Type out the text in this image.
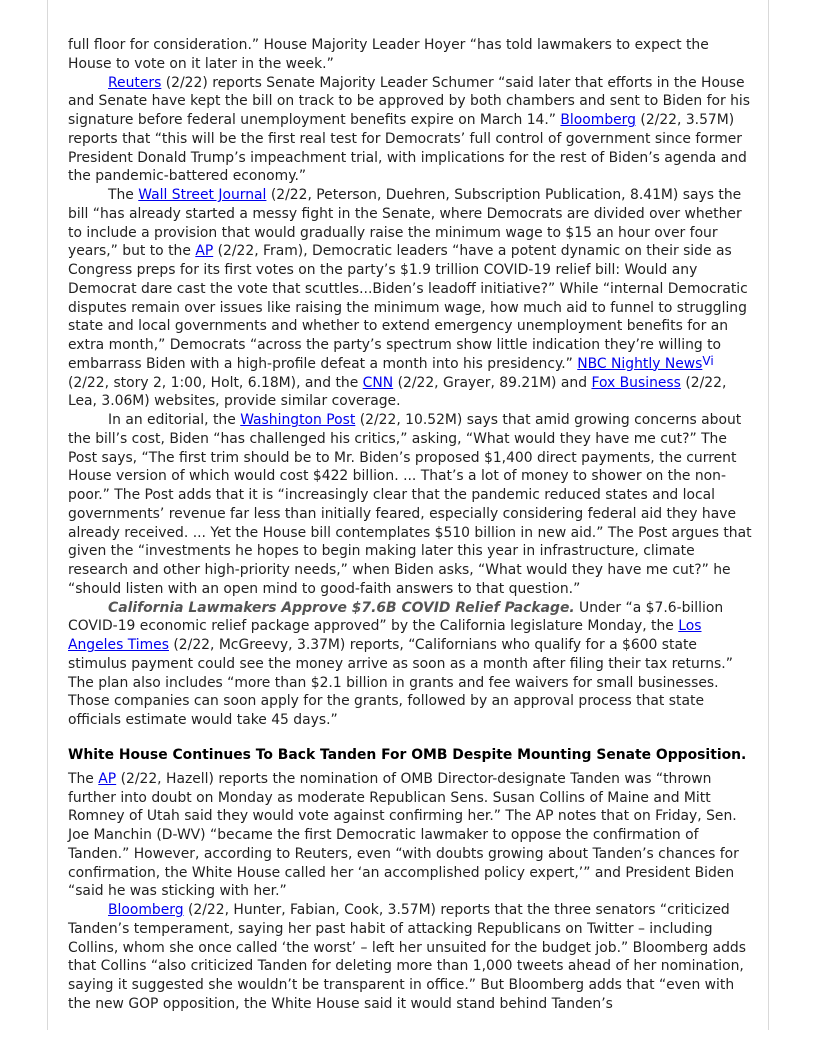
full floor for consideration.” House Majority Leader Hoyer “has told lawmakers to expect the House to vote on it later in the week.”

Reuters (2/22) reports Senate Majority Leader Schumer “said later that efforts in the House and Senate have kept the bill on track to be approved by both chambers and sent to Biden for his signature before federal unemployment benefits expire on March 14.” Bloomberg (2/22, 3.57M) reports that “this will be the first real test for Democrats’ full control of government since former President Donald Trump’s impeachment trial, with implications for the rest of Biden’s agenda and the pandemic-battered economy.”

The Wall Street Journal (2/22, Peterson, Duehren, Subscription Publication, 8.41M) says the bill “has already started a messy fight in the Senate, where Democrats are divided over whether to include a provision that would gradually raise the minimum wage to $15 an hour over four years,” but to the AP (2/22, Fram), Democratic leaders “have a potent dynamic on their side as Congress preps for its first votes on the party’s $1.9 trillion COVID-19 relief bill: Would any Democrat dare cast the vote that scuttles...Biden’s leadoff initiative?” While “internal Democratic disputes remain over issues like raising the minimum wage, how much aid to funnel to struggling state and local governments and whether to extend emergency unemployment benefits for an extra month,” Democrats “across the party’s spectrum show little indication they’re willing to embarrass Biden with a high-profile defeat a month into his presidency.” NBC Nightly News$^{Vi}$ (2/22, story 2, 1:00, Holt, 6.18M), and the CNN (2/22, Grayer, 89.21M) and Fox Business (2/22, Lea, 3.06M) websites, provide similar coverage.

In an editorial, the Washington Post (2/22, 10.52M) says that amid growing concerns about the bill’s cost, Biden “has challenged his critics,” asking, “What would they have me cut?” The Post says, “The first trim should be to Mr. Biden’s proposed $1,400 direct payments, the current House version of which would cost $422 billion. ... That’s a lot of money to shower on the non-poor.” The Post adds that it is “increasingly clear that the pandemic reduced states and local governments’ revenue far less than initially feared, especially considering federal aid they have already received. ... Yet the House bill contemplates $510 billion in new aid.” The Post argues that given the “investments he hopes to begin making later this year in infrastructure, climate research and other high-priority needs,” when Biden asks, “What would they have me cut?” he “should listen with an open mind to good-faith answers to that question.”

California Lawmakers Approve $7.6B COVID Relief Package. Under “a $7.6-billion COVID-19 economic relief package approved” by the California legislature Monday, the Los Angeles Times (2/22, McGreevy, 3.37M) reports, “Californians who qualify for a $600 state stimulus payment could see the money arrive as soon as a month after filing their tax returns.” The plan also includes “more than $2.1 billion in grants and fee waivers for small businesses. Those companies can soon apply for the grants, followed by an approval process that state officials estimate would take 45 days.”

White House Continues To Back Tanden For OMB Despite Mounting Senate Opposition.

The AP (2/22, Hazell) reports the nomination of OMB Director-designate Tanden was “thrown further into doubt on Monday as moderate Republican Sens. Susan Collins of Maine and Mitt Romney of Utah said they would vote against confirming her.” The AP notes that on Friday, Sen. Joe Manchin (D-WV) “became the first Democratic lawmaker to oppose the confirmation of Tanden.” However, according to Reuters, even “with doubts growing about Tanden’s chances for confirmation, the White House called her ‘an accomplished policy expert,’” and President Biden “said he was sticking with her.”

Bloomberg (2/22, Hunter, Fabian, Cook, 3.57M) reports that the three senators “criticized Tanden’s temperament, saying her past habit of attacking Republicans on Twitter – including Collins, whom she once called ‘the worst’ – left her unsuited for the budget job.” Bloomberg adds that Collins “also criticized Tanden for deleting more than 1,000 tweets ahead of her nomination, saying it suggested she wouldn’t be transparent in office.” But Bloomberg adds that “even with the new GOP opposition, the White House said it would stand behind Tanden’s
